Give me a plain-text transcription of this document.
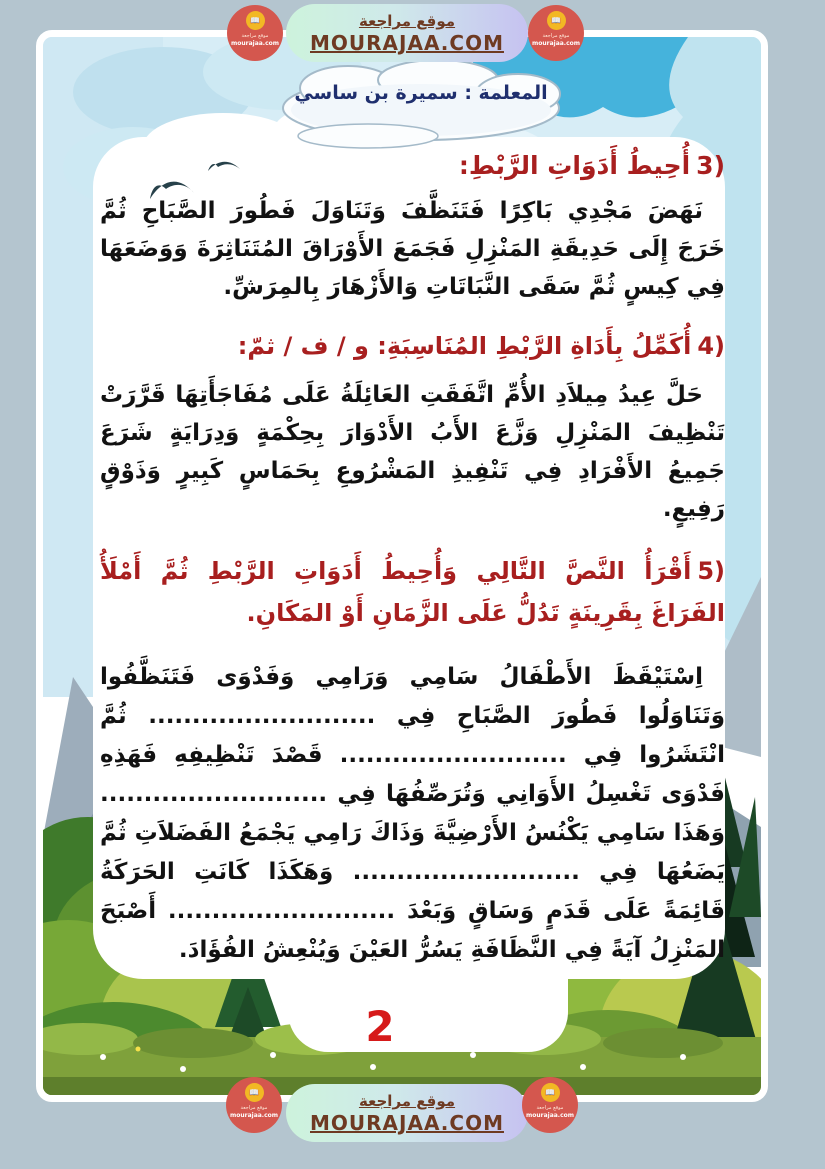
3)أُحِيطُ أَدَوَاتِ الرَّبْطِ:

نَهَضَ مَجْدِي بَاكِرًا فَتَنَظَّفَ وَتَنَاوَلَ فَطُورَ الصَّبَاحِ ثُمَّ خَرَجَ إِلَى حَدِيقَةِ المَنْزِلِ فَجَمَعَ الأَوْرَاقَ المُتَنَاثِرَةَ وَوَضَعَهَا فِي كِيسٍ ثُمَّ سَقَى النَّبَاتَاتِ وَالأَزْهَارَ بِالمِرَشِّ.

4)أُكَمِّلُ بِأَدَاةِ الرَّبْطِ المُنَاسِبَةِ: و / ف / ثمّ:

حَلَّ عِيدُ مِيلاَدِ الأُمِّ اتَّفَقَتِ العَائِلَةُ عَلَى مُفَاجَأَتِهَا قَرَّرَتْ تَنْظِيفَ المَنْزِلِ وَزَّعَ الأَبُ الأَدْوَارَ بِحِكْمَةٍ وَدِرَايَةٍ شَرَعَ جَمِيعُ الأَفْرَادِ فِي تَنْفِيذِ المَشْرُوعِ بِحَمَاسٍ كَبِيرٍ وَذَوْقٍ رَفِيعٍ.

5)أَقْرَأُ النَّصَّ التَّالِي وَأُحِيطُ أَدَوَاتِ الرَّبْطِ ثُمَّ أَمْلَأُ الفَرَاغَ بِقَرِينَةٍ تَدُلُّ عَلَى الزَّمَانِ أَوْ المَكَانِ.

اِسْتَيْقَظَ الأَطْفَالُ سَامِي وَرَامِي وَفَدْوَى فَتَنَظَّفُوا وَتَنَاوَلُوا فَطُورَ الصَّبَاحِ فِي .......................... ثُمَّ انْتَشَرُوا فِي .......................... قَصْدَ تَنْظِيفِهِ فَهَذِهِ فَدْوَى تَغْسِلُ الأَوَانِي وَتُرَصِّفُهَا فِي .......................... وَهَذَا سَامِي يَكْنُسُ الأَرْضِيَّةَ وَذَاكَ رَامِي يَجْمَعُ الفَضَلاَتِ ثُمَّ يَضَعُهَا فِي .......................... وَهَكَذَا كَانَتِ الحَرَكَةُ قَائِمَةً عَلَى قَدَمٍ وَسَاقٍ وَبَعْدَ .......................... أَصْبَحَ المَنْزِلُ آيَةً فِي النَّظَافَةِ يَسُرُّ العَيْنَ وَيُنْعِشُ الفُؤَادَ.

2
المعلمة : سميرة بن ساسي
موقع مراجعة
MOURAJAA.COM
موقع مراجعة
MOURAJAA.COM
📖
موقع مراجعة
mourajaa.com
📖
موقع مراجعة
mourajaa.com
📖
موقع مراجعة
mourajaa.com
📖
موقع مراجعة
mourajaa.com
